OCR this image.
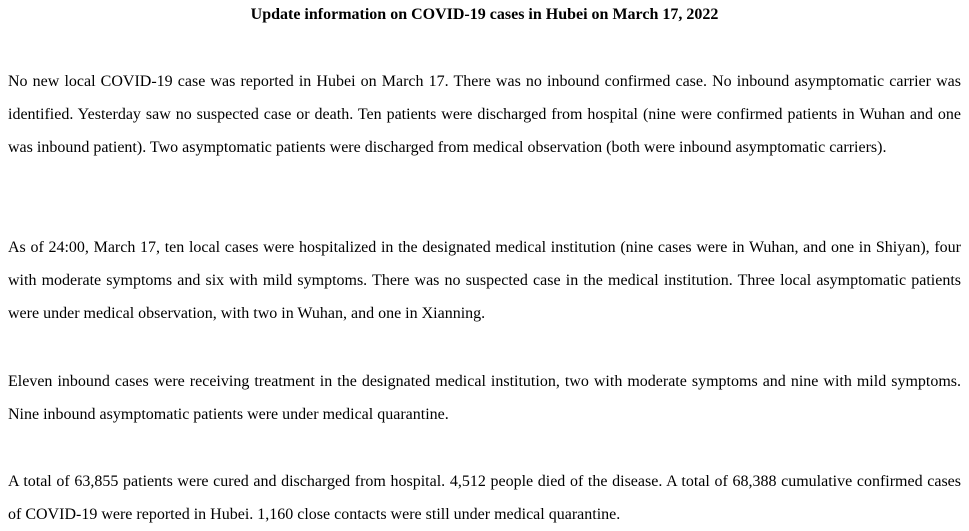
Update information on COVID-19 cases in Hubei on March 17, 2022

No new local COVID-19 case was reported in Hubei on March 17. There was no inbound confirmed case. No inbound asymptomatic carrier was identified. Yesterday saw no suspected case or death. Ten patients were discharged from hospital (nine were confirmed patients in Wuhan and one was inbound patient). Two asymptomatic patients were discharged from medical observation (both were inbound asymptomatic carriers).

As of 24:00, March 17, ten local cases were hospitalized in the designated medical institution (nine cases were in Wuhan, and one in Shiyan), four with moderate symptoms and six with mild symptoms. There was no suspected case in the medical institution. Three local asymptomatic patients were under medical observation, with two in Wuhan, and one in Xianning.

Eleven inbound cases were receiving treatment in the designated medical institution, two with moderate symptoms and nine with mild symptoms. Nine inbound asymptomatic patients were under medical quarantine.

A total of 63,855 patients were cured and discharged from hospital. 4,512 people died of the disease. A total of 68,388 cumulative confirmed cases of COVID-19 were reported in Hubei. 1,160 close contacts were still under medical quarantine.
